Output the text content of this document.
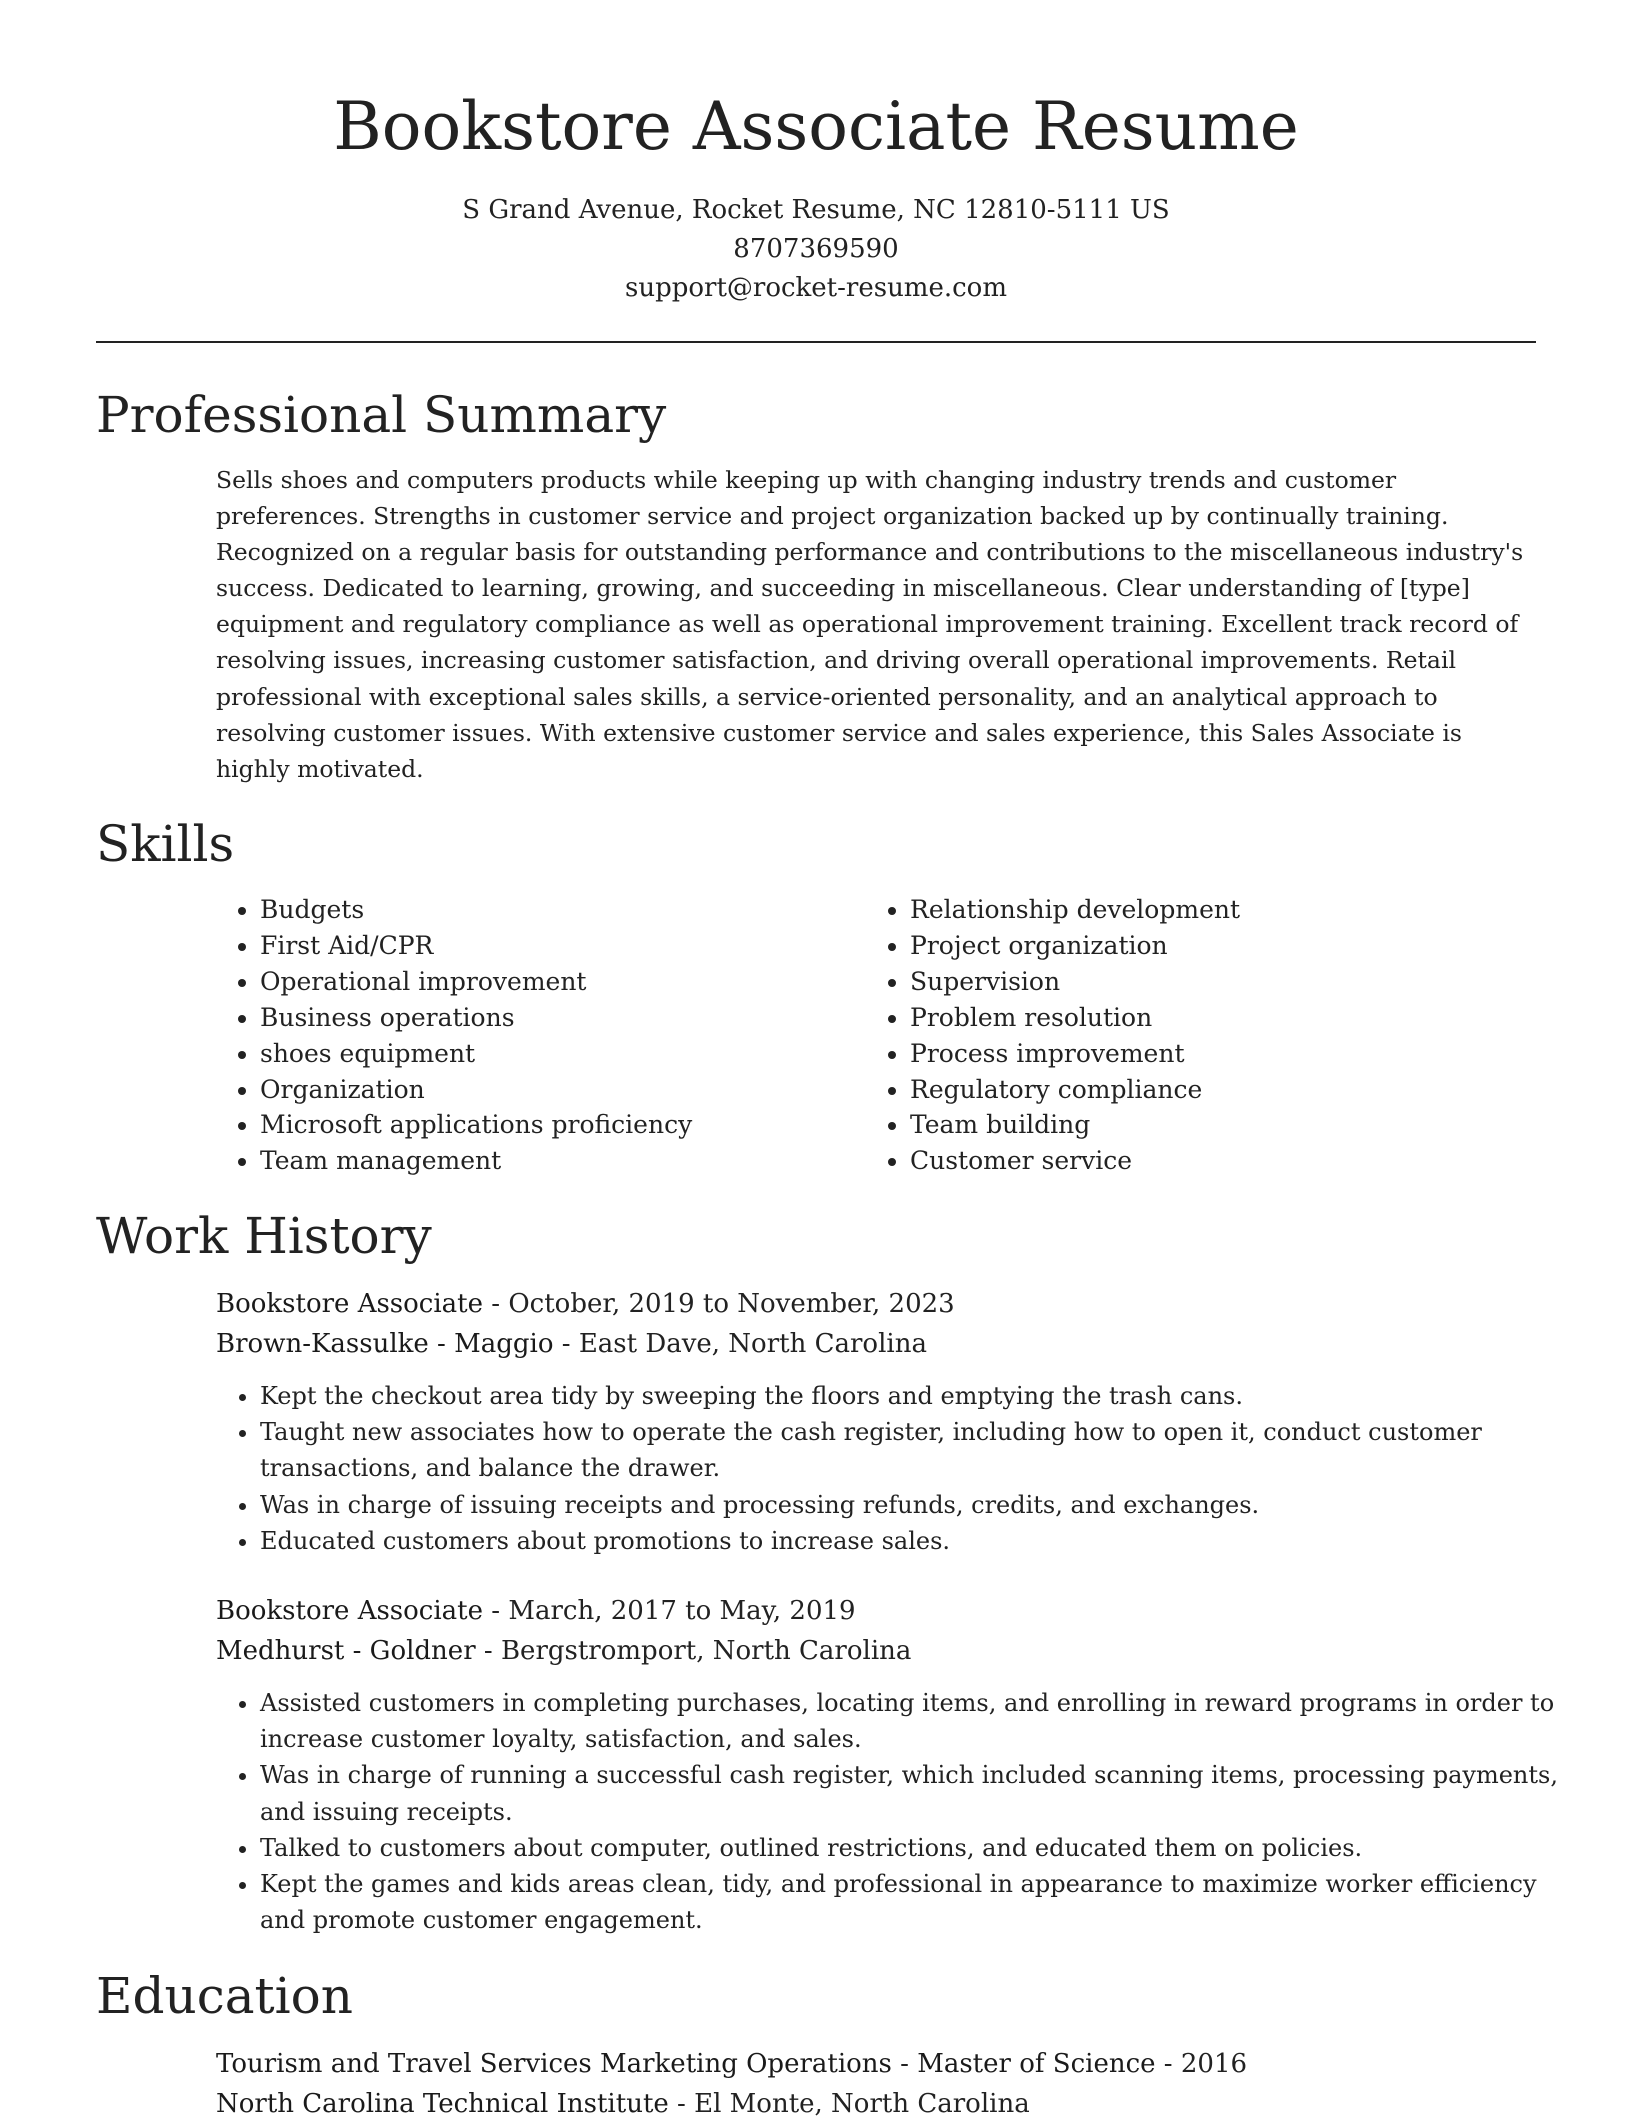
Bookstore Associate Resume
S Grand Avenue, Rocket Resume, NC 12810-5111 US
8707369590
support@rocket-resume.com
Professional Summary

Sells shoes and computers products while keeping up with changing industry trends and customer preferences. Strengths in customer service and project organization backed up by continually training. Recognized on a regular basis for outstanding performance and contributions to the miscellaneous industry's success. Dedicated to learning, growing, and succeeding in miscellaneous. Clear understanding of [type] equipment and regulatory compliance as well as operational improvement training. Excellent track record of resolving issues, increasing customer satisfaction, and driving overall operational improvements. Retail professional with exceptional sales skills, a service-oriented personality, and an analytical approach to resolving customer issues. With extensive customer service and sales experience, this Sales Associate is highly motivated.

Skills
• Budgets
• First Aid/CPR
• Operational improvement
• Business operations
• shoes equipment
• Organization
• Microsoft applications proficiency
• Team management
• Relationship development
• Project organization
• Supervision
• Problem resolution
• Process improvement
• Regulatory compliance
• Team building
• Customer service
Work History
Bookstore Associate - October, 2019 to November, 2023
Brown-Kassulke - Maggio - East Dave, North Carolina
• Kept the checkout area tidy by sweeping the floors and emptying the trash cans.
• Taught new associates how to operate the cash register, including how to open it, conduct customer transactions, and balance the drawer.
• Was in charge of issuing receipts and processing refunds, credits, and exchanges.
• Educated customers about promotions to increase sales.
Bookstore Associate - March, 2017 to May, 2019
Medhurst - Goldner - Bergstromport, North Carolina
• Assisted customers in completing purchases, locating items, and enrolling in reward programs in order to increase customer loyalty, satisfaction, and sales.
• Was in charge of running a successful cash register, which included scanning items, processing payments, and issuing receipts.
• Talked to customers about computer, outlined restrictions, and educated them on policies.
• Kept the games and kids areas clean, tidy, and professional in appearance to maximize worker efficiency and promote customer engagement.
Education
Tourism and Travel Services Marketing Operations - Master of Science - 2016
North Carolina Technical Institute - El Monte, North Carolina
